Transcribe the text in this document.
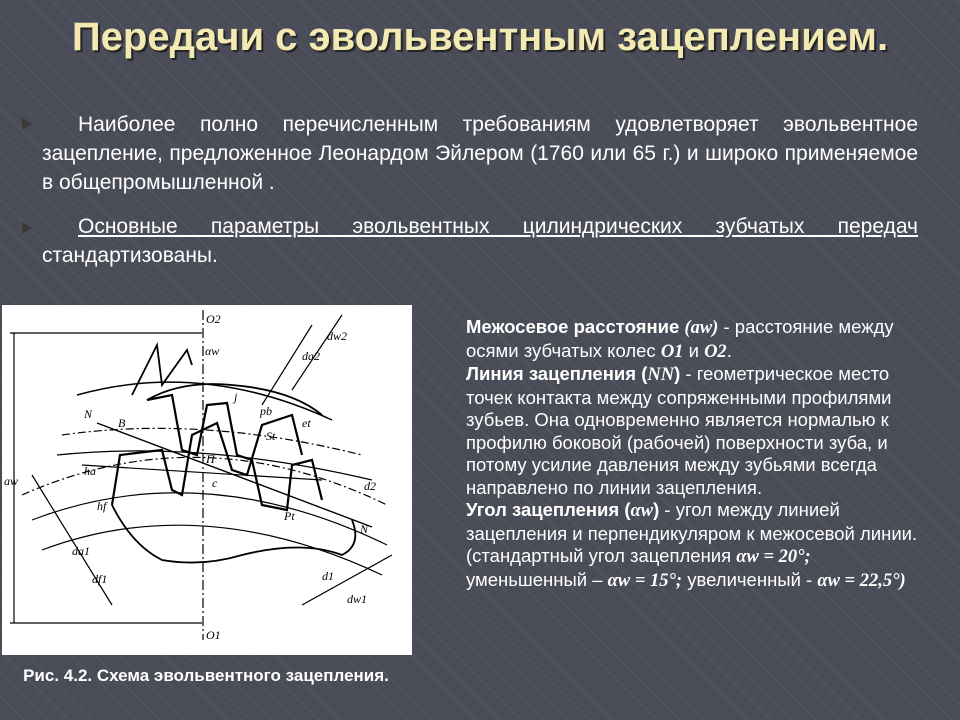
Передачи с эвольвентным зацеплением.
Наиболее полно перечисленным требованиям удовлетворяет эвольвентное зацепление, предложенное Леонардом Эйлером (1760 или 65 г.) и широко применяемое в общепромышленной .
Основные параметры эвольвентных цилиндрических зубчатых передач стандартизованы.
O2
O1
aw
N
N
B
П
pb
ha
hf
da1
df1	d1
dw1
dw2
da2
d2
c
j
αw
St
et
Pt
Рис. 4.2. Схема эвольвентного зацепления.

Межосевое расстояние (aw) - расстояние между осями зубчатых колес O1 и O2.

Линия зацепления (NN) - геометрическое место точек контакта между сопряженными профилями зубьев. Она одновременно является нормалью к профилю боковой (рабочей) поверхности зуба, и потому усилие давления между зубьями всегда направлено по линии зацепления.

Угол зацепления (αw) - угол между линией зацепления и перпендикуляром к межосевой линии. (стандартный угол зацепления αw = 20°; уменьшенный – αw = 15°; увеличенный - αw = 22,5°)
